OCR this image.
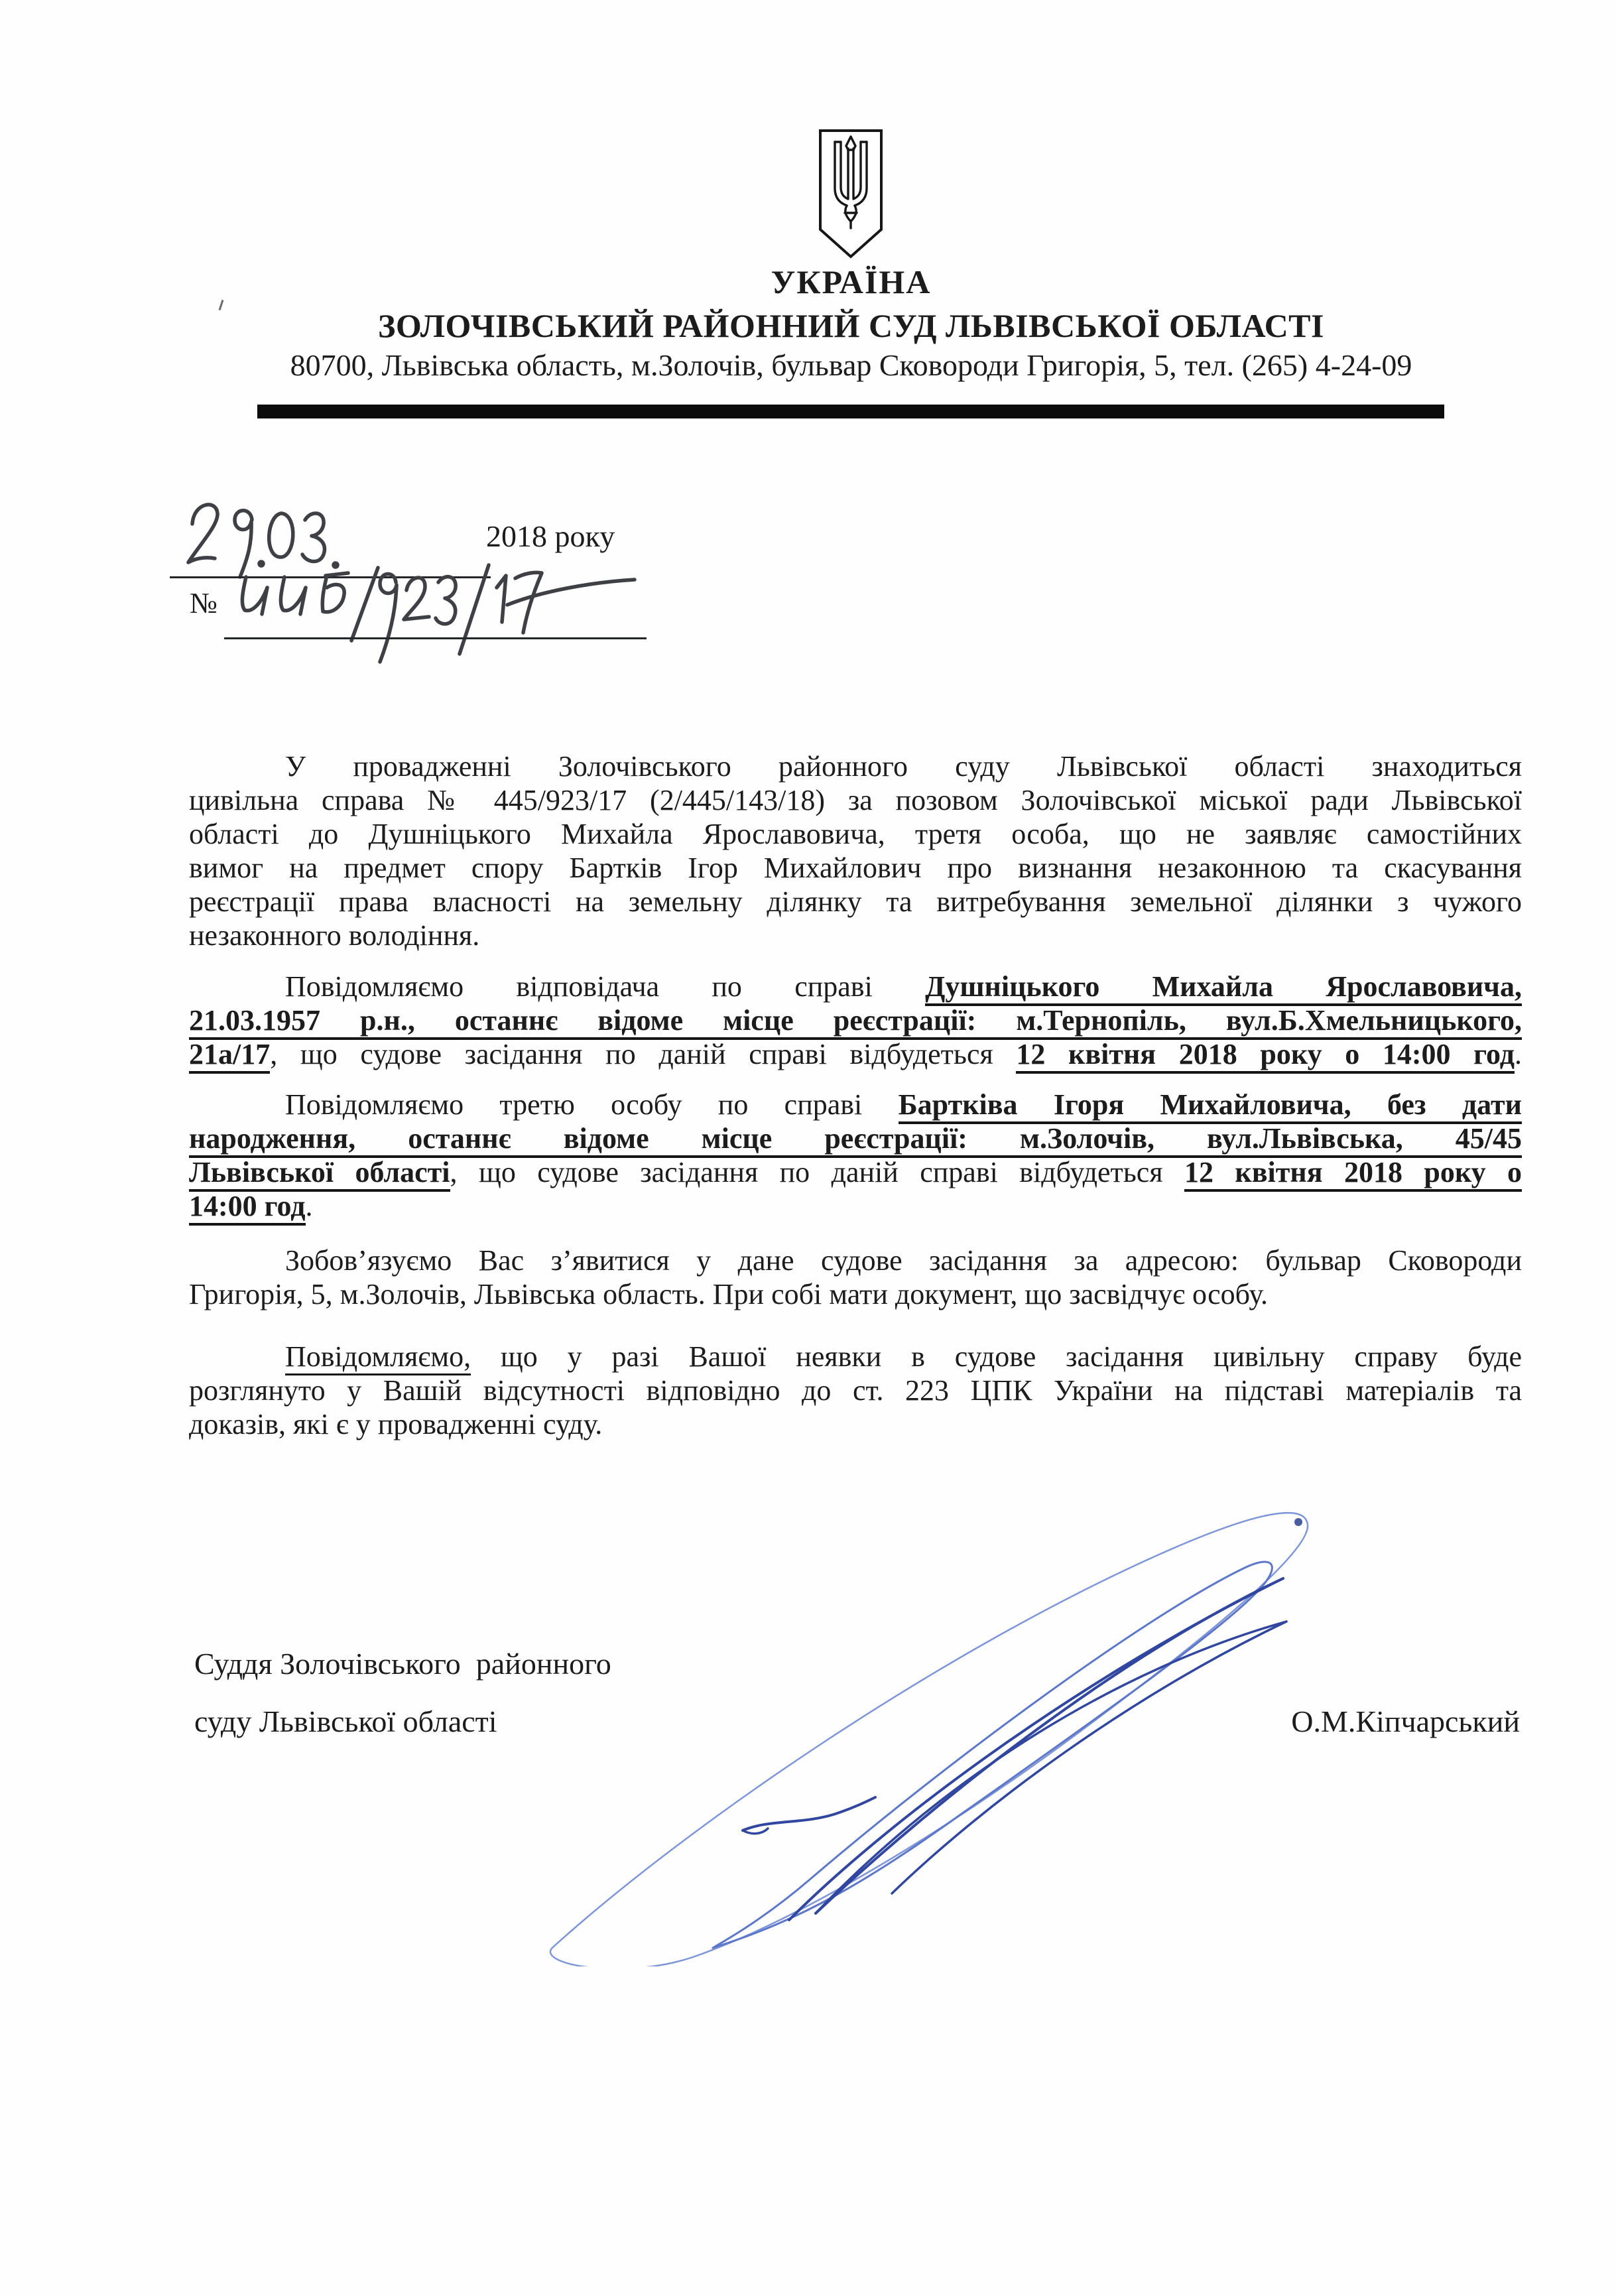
УКРАЇНА
ЗОЛОЧІВСЬКИЙ РАЙОННИЙ СУД ЛЬВІВСЬКОЇ ОБЛАСТІ
80700, Львівська область, м.Золочів, бульвар Сковороди Григорія, 5, тел. (265) 4-24-09
2018 року
№
У провадженні Золочівського районного суду Львівської області знаходиться
цивільна справа № 445/923/17 (2/445/143/18) за позовом Золочівської міської ради Львівської
області до Душніцького Михайла Ярославовича, третя особа, що не заявляє самостійних
вимог на предмет спору Бартків Ігор Михайлович про визнання незаконною та скасування
реєстрації права власності на земельну ділянку та витребування земельної ділянки з чужого
незаконного володіння.
Повідомляємо відповідача по справі Душніцького Михайла Ярославовича,
21.03.1957 р.н., останнє відоме місце реєстрації: м.Тернопіль, вул.Б.Хмельницького,
21а/17, що судове засідання по даній справі відбудеться 12 квітня 2018 року о 14:00 год.
Повідомляємо третю особу по справі Бартківа Ігоря Михайловича, без дати
народження, останнє відоме місце реєстрації: м.Золочів, вул.Львівська, 45/45
Львівської області, що судове засідання по даній справі відбудеться 12 квітня 2018 року о
14:00 год.
Зобов’язуємо Вас з’явитися у дане судове засідання за адресою: бульвар Сковороди
Григорія, 5, м.Золочів, Львівська область. При собі мати документ, що засвідчує особу.
Повідомляємо, що у разі Вашої неявки в судове засідання цивільну справу буде
розглянуто у Вашій відсутності відповідно до ст. 223 ЦПК України на підставі матеріалів та
доказів, які є у провадженні суду.
Суддя Золочівського  районного
суду Львівської області	О.М.Кіпчарський
